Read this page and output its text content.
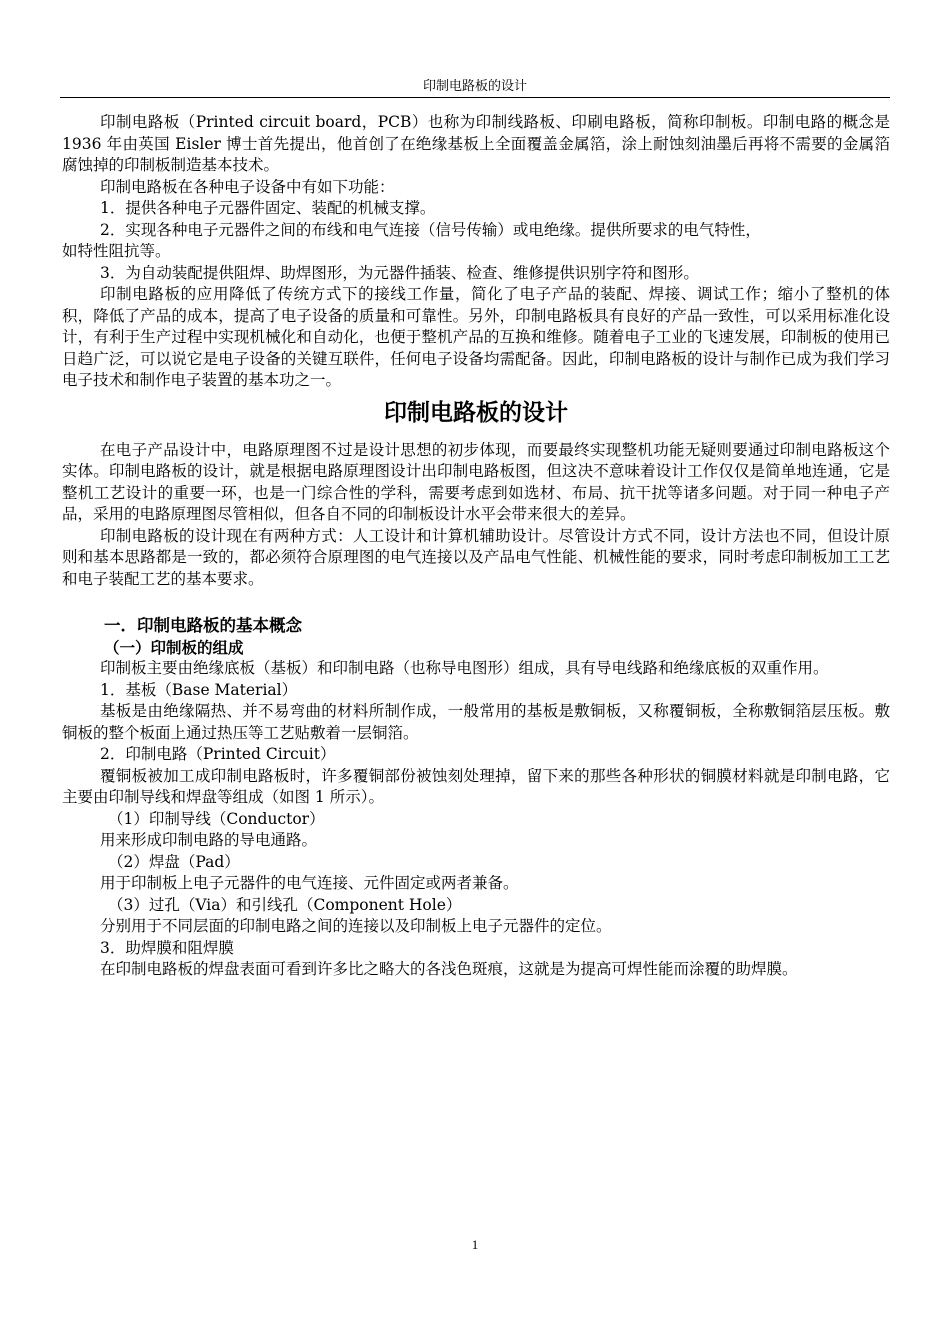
印制电路板的设计

印制电路板（Printed circuit board，PCB）也称为印制线路板、印刷电路板，简称印制板。印制电路的概念是 1936 年由英国 Eisler 博士首先提出，他首创了在绝缘基板上全面覆盖金属箔，涂上耐蚀刻油墨后再将不需要的金属箔腐蚀掉的印制板制造基本技术。

印制电路板在各种电子设备中有如下功能：

1．提供各种电子元器件固定、装配的机械支撑。

2．实现各种电子元器件之间的布线和电气连接（信号传输）或电绝缘。提供所要求的电气特性，

如特性阻抗等。

3．为自动装配提供阻焊、助焊图形，为元器件插装、检查、维修提供识别字符和图形。

印制电路板的应用降低了传统方式下的接线工作量，简化了电子产品的装配、焊接、调试工作；缩小了整机的体积，降低了产品的成本，提高了电子设备的质量和可靠性。另外，印制电路板具有良好的产品一致性，可以采用标准化设计，有利于生产过程中实现机械化和自动化，也便于整机产品的互换和维修。随着电子工业的飞速发展，印制板的使用已日趋广泛，可以说它是电子设备的关键互联件，任何电子设备均需配备。因此，印制电路板的设计与制作已成为我们学习电子技术和制作电子装置的基本功之一。

印制电路板的设计

在电子产品设计中，电路原理图不过是设计思想的初步体现，而要最终实现整机功能无疑则要通过印制电路板这个实体。印制电路板的设计，就是根据电路原理图设计出印制电路板图，但这决不意味着设计工作仅仅是简单地连通，它是整机工艺设计的重要一环，也是一门综合性的学科，需要考虑到如选材、布局、抗干扰等诸多问题。对于同一种电子产品，采用的电路原理图尽管相似，但各自不同的印制板设计水平会带来很大的差异。

印制电路板的设计现在有两种方式：人工设计和计算机辅助设计。尽管设计方式不同，设计方法也不同，但设计原则和基本思路都是一致的，都必须符合原理图的电气连接以及产品电气性能、机械性能的要求，同时考虑印制板加工工艺和电子装配工艺的基本要求。

一．印制电路板的基本概念
（一）印制板的组成

印制板主要由绝缘底板（基板）和印制电路（也称导电图形）组成，具有导电线路和绝缘底板的双重作用。

1．基板（Base Material）

基板是由绝缘隔热、并不易弯曲的材料所制作成，一般常用的基板是敷铜板，又称覆铜板，全称敷铜箔层压板。敷铜板的整个板面上通过热压等工艺贴敷着一层铜箔。

2．印制电路（Printed Circuit）

覆铜板被加工成印制电路板时，许多覆铜部份被蚀刻处理掉，留下来的那些各种形状的铜膜材料就是印制电路，它主要由印制导线和焊盘等组成（如图 1 所示）。

（1）印制导线（Conductor）

用来形成印制电路的导电通路。

（2）焊盘（Pad）

用于印制板上电子元器件的电气连接、元件固定或两者兼备。

（3）过孔（Via）和引线孔（Component Hole）

分别用于不同层面的印制电路之间的连接以及印制板上电子元器件的定位。

3．助焊膜和阻焊膜

在印制电路板的焊盘表面可看到许多比之略大的各浅色斑痕，这就是为提高可焊性能而涂覆的助焊膜。

1
